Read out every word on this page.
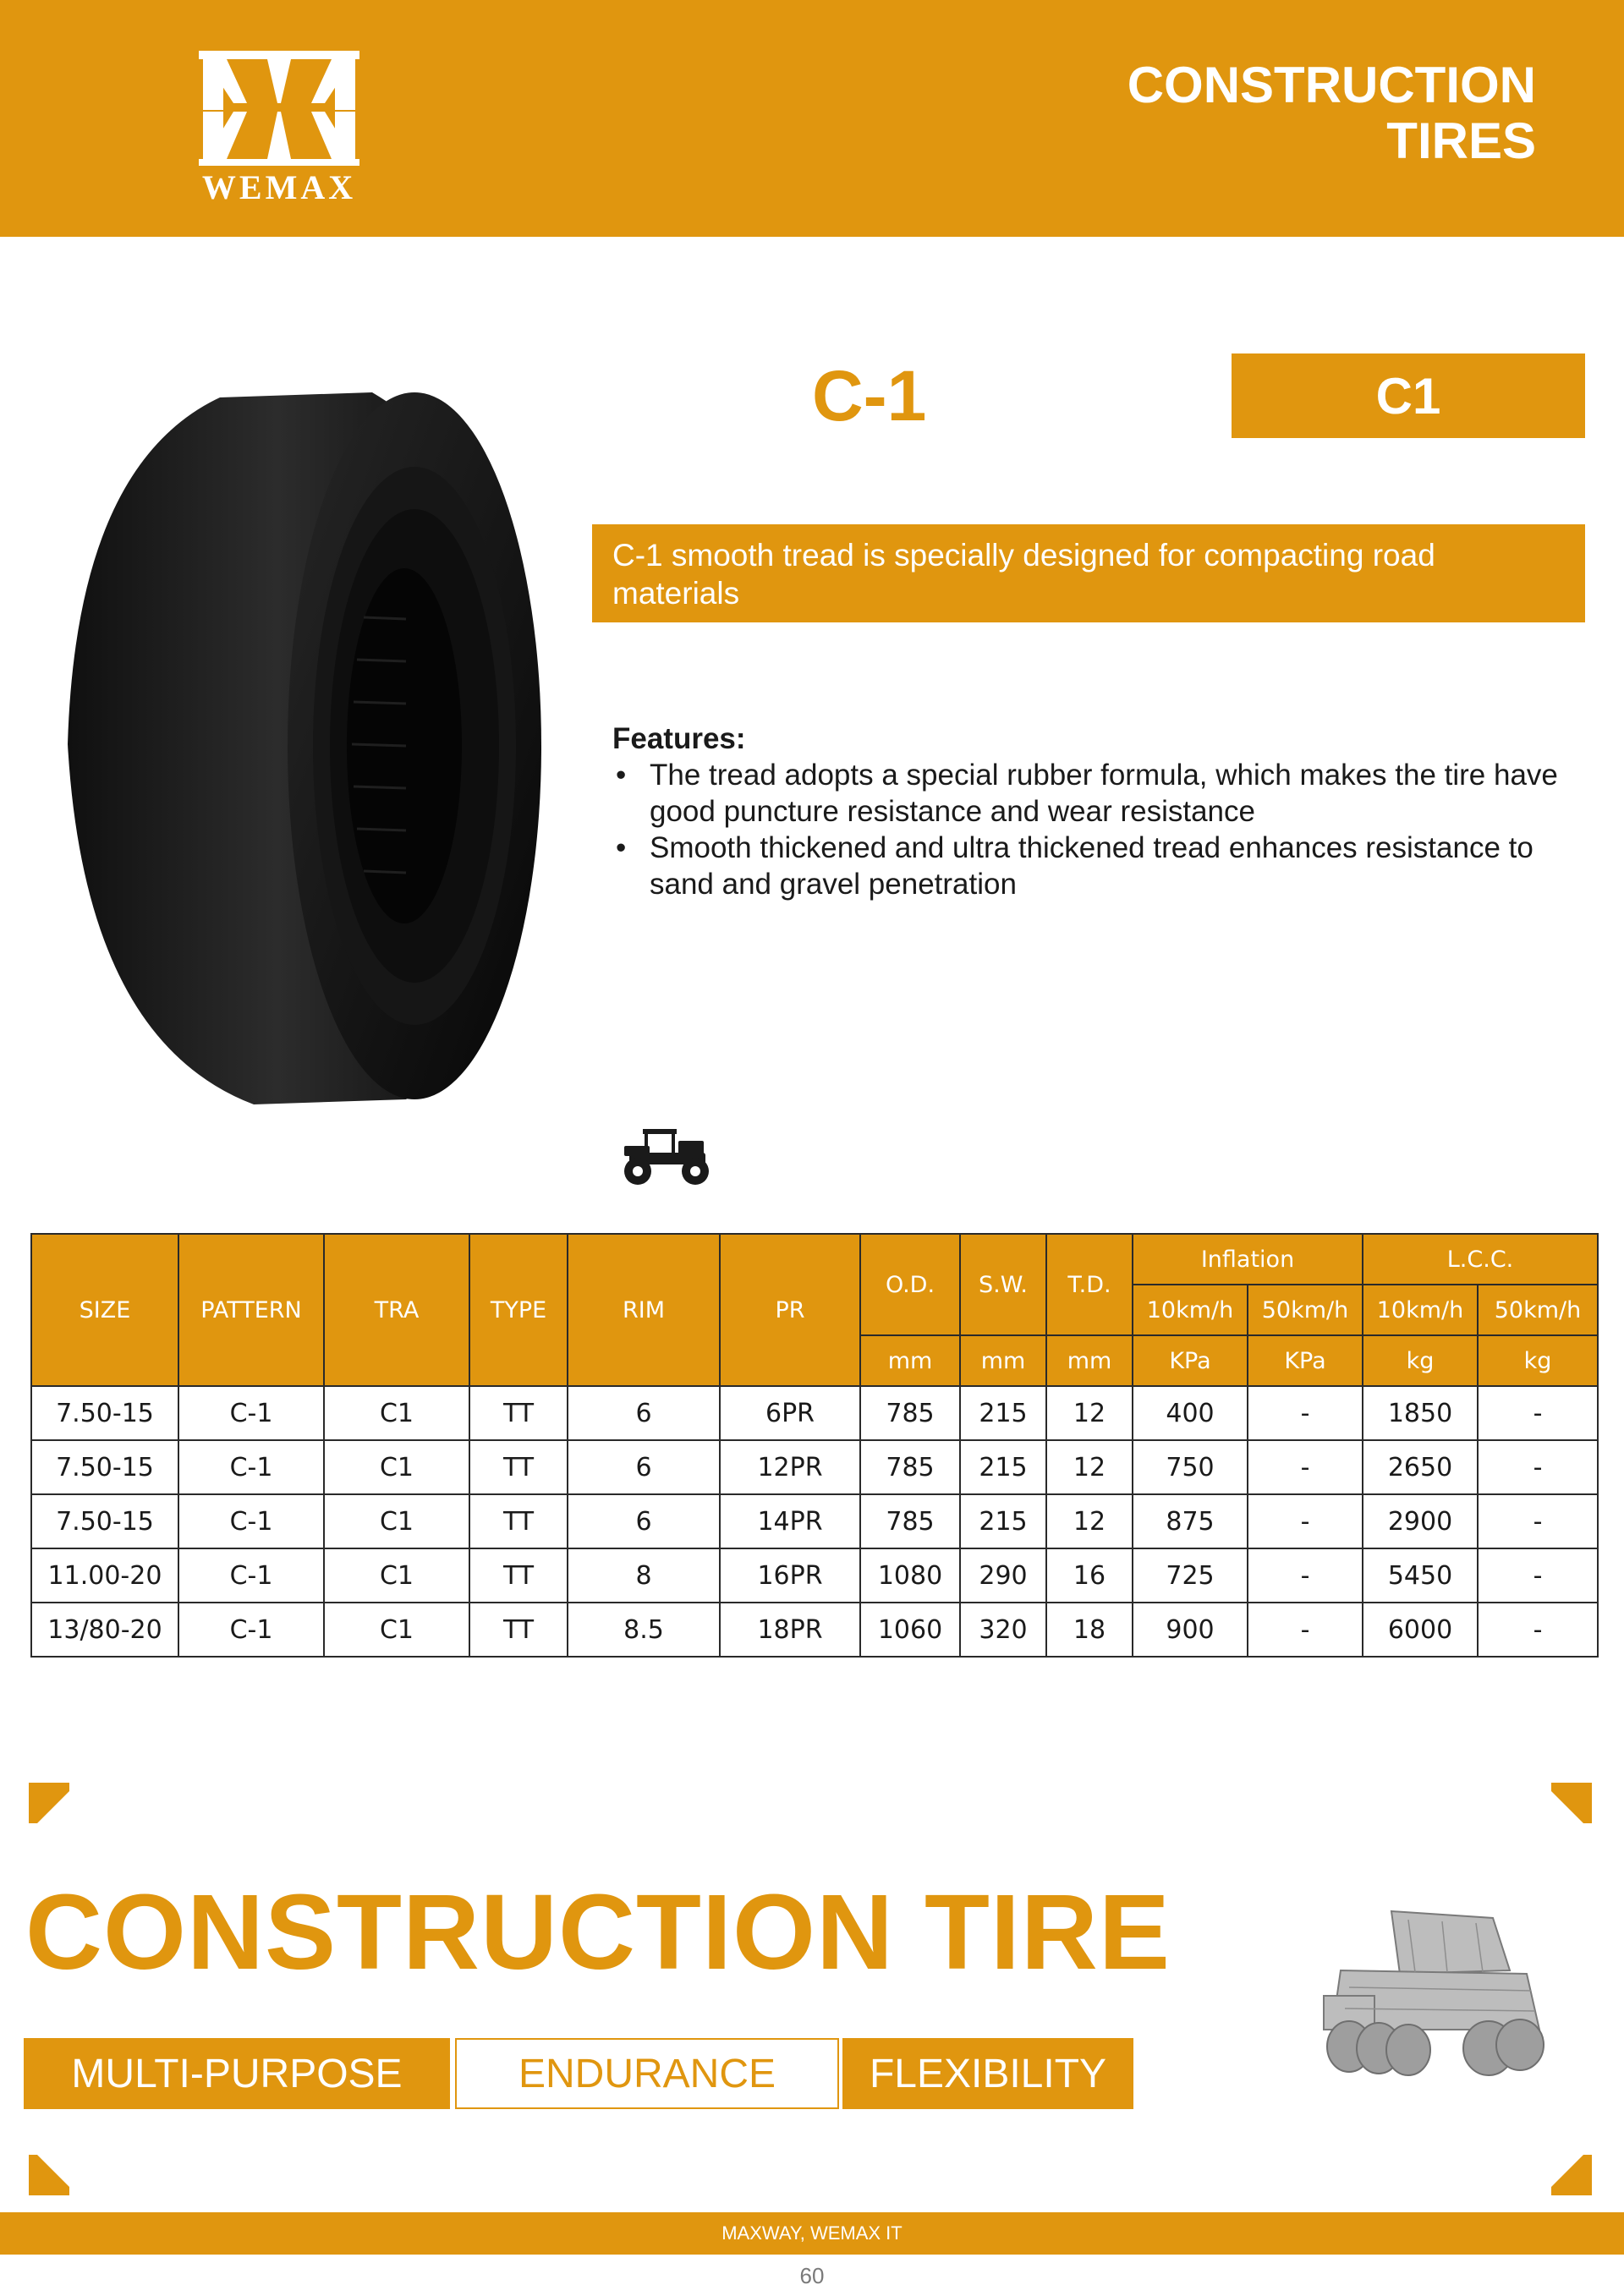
WEMAX
CONSTRUCTION
TIRES
C-1	C1
C-1 smooth tread is specially designed for compacting road materials
Features:
• The tread adopts a special rubber formula, which makes the tire have good puncture resistance and wear resistance
• Smooth thickened and ultra thickened tread enhances resistance to sand and gravel penetration
SIZE	PATTERN	TRA	TYPE	RIM	PR	O.D.	S.W.	T.D.	Inflation		L.C.C.	
									10km/h	50km/h	10km/h	50km/h
						mm	mm	mm	KPa	KPa	kg	kg
7.50-15	C-1	C1	TT	6	6PR	785	215	12	400	-	1850	-
7.50-15	C-1	C1	TT	6	12PR	785	215	12	750	-	2650	-
7.50-15	C-1	C1	TT	6	14PR	785	215	12	875	-	2900	-
11.00-20	C-1	C1	TT	8	16PR	1080	290	16	725	-	5450	-
13/80-20	C-1	C1	TT	8.5	18PR	1060	320	18	900	-	6000	-
CONSTRUCTION TIRE
MULTI-PURPOSE	ENDURANCE	FLEXIBILITY
MAXWAY, WEMAX IT
60
